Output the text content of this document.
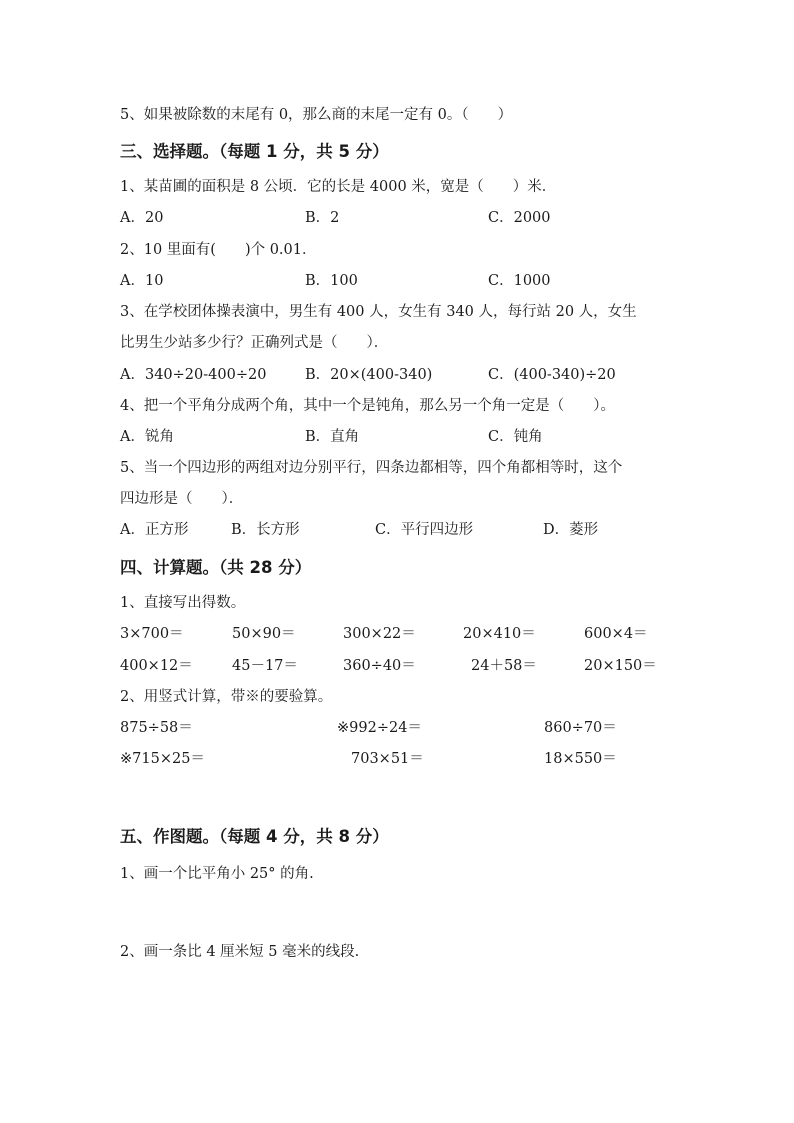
5、如果被除数的末尾有 0，那么商的末尾一定有 0。（　　）
三、选择题。（每题 1 分，共 5 分）
1、某苗圃的面积是 8 公顷．它的长是 4000 米，宽是（　　）米．
A．20	B．2	C．2000
2、10 里面有(　　)个 0.01．
A．10	B．100	C．1000
3、在学校团体操表演中，男生有 400 人，女生有 340 人，每行站 20 人，女生
比男生少站多少行？正确列式是（　　）．
A．340÷20-400÷20	B．20×(400-340)	C．(400-340)÷20
4、把一个平角分成两个角，其中一个是钝角，那么另一个角一定是（　　）。
A．锐角	B．直角	C．钝角
5、当一个四边形的两组对边分别平行，四条边都相等，四个角都相等时，这个
四边形是（　　）．
A．正方形	B．长方形	C．平行四边形	D．菱形
四、计算题。（共 28 分）
1、直接写出得数。
3×700＝	50×90＝	300×22＝	20×410＝	600×4＝
400×12＝	45－17＝	360÷40＝	24＋58＝	20×150＝
2、用竖式计算，带※的要验算。
875÷58＝	※992÷24＝	860÷70＝
※715×25＝	703×51＝	18×550＝
五、作图题。（每题 4 分，共 8 分）
1、画一个比平角小 25° 的角.
2、画一条比 4 厘米短 5 毫米的线段.
